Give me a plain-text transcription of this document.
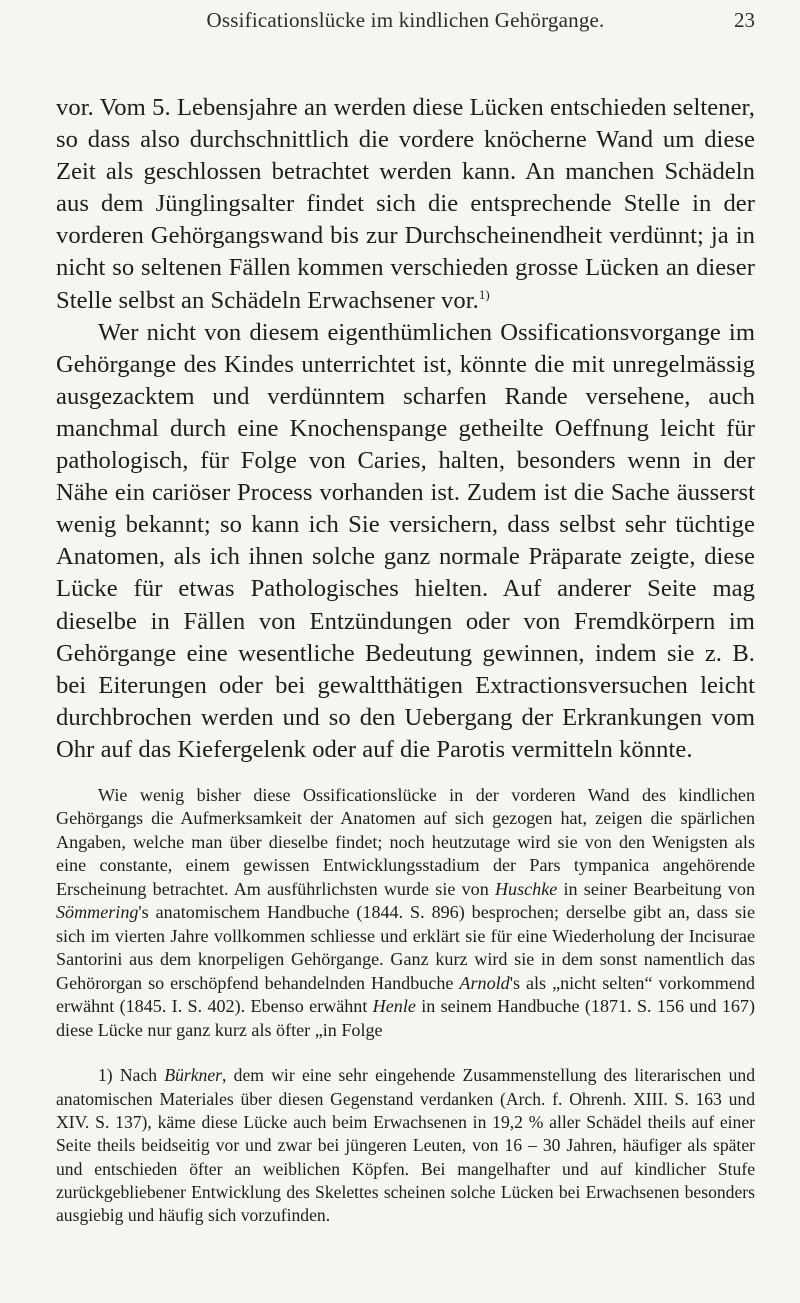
Ossificationslücke im kindlichen Gehörgange.	23

vor. Vom 5. Lebensjahre an werden diese Lücken entschieden seltener, so dass also durchschnittlich die vordere knöcherne Wand um diese Zeit als geschlossen betrachtet werden kann. An manchen Schädeln aus dem Jünglingsalter findet sich die entsprechende Stelle in der vorderen Gehörgangswand bis zur Durchscheinendheit verdünnt; ja in nicht so seltenen Fällen kommen verschieden grosse Lücken an dieser Stelle selbst an Schädeln Erwachsener vor.$^{1)}$

Wer nicht von diesem eigenthümlichen Ossificationsvorgange im Gehörgange des Kindes unterrichtet ist, könnte die mit unregelmässig ausgezacktem und verdünntem scharfen Rande versehene, auch manchmal durch eine Knochenspange getheilte Oeffnung leicht für pathologisch, für Folge von Caries, halten, besonders wenn in der Nähe ein cariöser Process vorhanden ist. Zudem ist die Sache äusserst wenig bekannt; so kann ich Sie versichern, dass selbst sehr tüchtige Anatomen, als ich ihnen solche ganz normale Präparate zeigte, diese Lücke für etwas Pathologisches hielten. Auf anderer Seite mag dieselbe in Fällen von Entzündungen oder von Fremdkörpern im Gehörgange eine wesentliche Bedeutung gewinnen, indem sie z. B. bei Eiterungen oder bei gewaltthätigen Extractionsversuchen leicht durchbrochen werden und so den Uebergang der Erkrankungen vom Ohr auf das Kiefergelenk oder auf die Parotis vermitteln könnte.

Wie wenig bisher diese Ossificationslücke in der vorderen Wand des kindlichen Gehörgangs die Aufmerksamkeit der Anatomen auf sich gezogen hat, zeigen die spärlichen Angaben, welche man über dieselbe findet; noch heutzutage wird sie von den Wenigsten als eine constante, einem gewissen Entwicklungsstadium der Pars tympanica angehörende Erscheinung betrachtet. Am ausführlichsten wurde sie von Huschke in seiner Bearbeitung von Sömmering's anatomischem Handbuche (1844. S. 896) besprochen; derselbe gibt an, dass sie sich im vierten Jahre vollkommen schliesse und erklärt sie für eine Wiederholung der Incisurae Santorini aus dem knorpeligen Gehörgange. Ganz kurz wird sie in dem sonst namentlich das Gehörorgan so erschöpfend behandelnden Handbuche Arnold's als „nicht selten“ vorkommend erwähnt (1845. I. S. 402). Ebenso erwähnt Henle in seinem Handbuche (1871. S. 156 und 167) diese Lücke nur ganz kurz als öfter „in Folge
1) Nach Bürkner, dem wir eine sehr eingehende Zusammenstellung des literarischen und anatomischen Materiales über diesen Gegenstand verdanken (Arch. f. Ohrenh. XIII. S. 163 und XIV. S. 137), käme diese Lücke auch beim Erwachsenen in 19,2 % aller Schädel theils auf einer Seite theils beidseitig vor und zwar bei jüngeren Leuten, von 16 – 30 Jahren, häufiger als später und entschieden öfter an weiblichen Köpfen. Bei mangelhafter und auf kindlicher Stufe zurückgebliebener Entwicklung des Skelettes scheinen solche Lücken bei Erwachsenen besonders ausgiebig und häufig sich vorzufinden.
